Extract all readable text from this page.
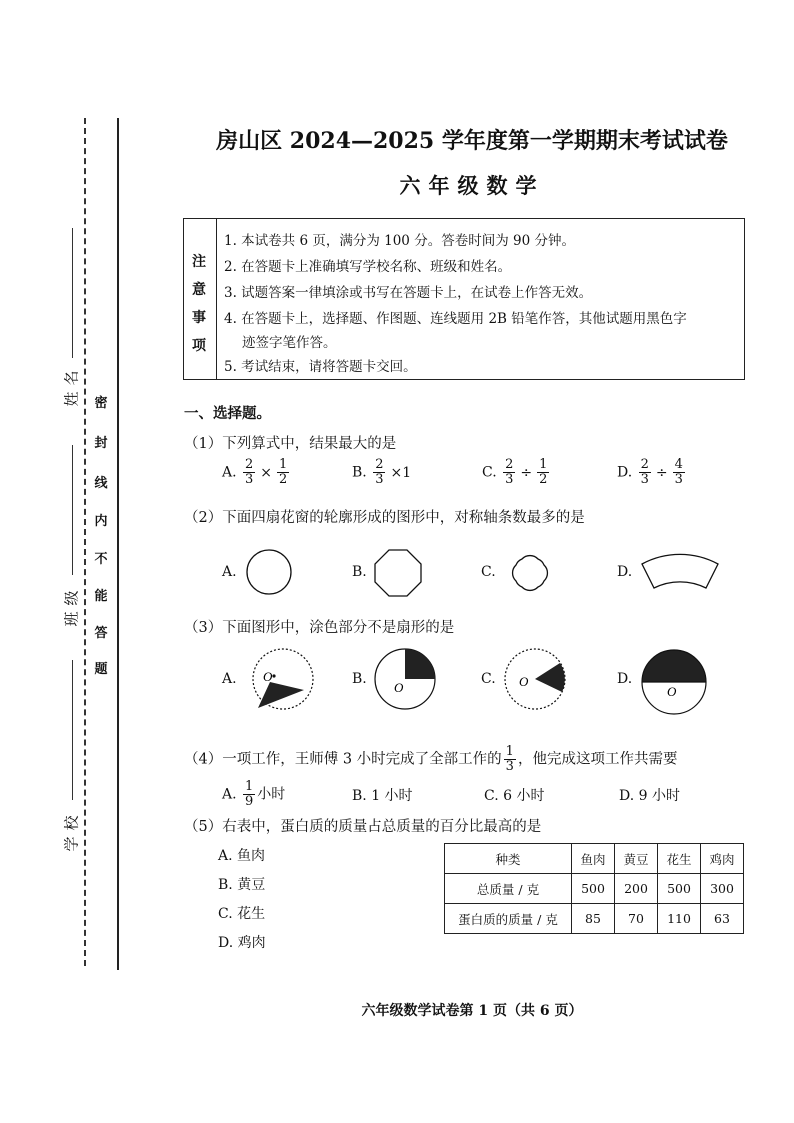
姓名
班级
学校
密
封
线
内
不
能
答
题
房山区 2024—2025 学年度第一学期期末考试试卷
六年级数学
注
意
事
项
1. 本试卷共 6 页，满分为 100 分。答卷时间为 90 分钟。
2. 在答题卡上准确填写学校名称、班级和姓名。
3. 试题答案一律填涂或书写在答题卡上，在试卷上作答无效。
4. 在答题卡上，选择题、作图题、连线题用 2B 铅笔作答，其他试题用黑色字
迹签字笔作答。
5. 考试结束，请将答题卡交回。
一、选择题。
（1）下列算式中，结果最大的是
A. $\frac{2}{3} \times \frac{1}{2}$	B. $\frac{2}{3} \times 1$	C. $\frac{2}{3} \div \frac{1}{2}$	D. $\frac{2}{3} \div \frac{4}{3}$
（2）下面四扇花窗的轮廓形成的图形中，对称轴条数最多的是
A.	B.	C.	D.
（3）下面图形中，涂色部分不是扇形的是
A. O	B.
O
C. O	D.
O
（4）一项工作，王师傅 3 小时完成了全部工作的 $\frac{1}{3}$ ，他完成这项工作共需要
A. $\frac{1}{9}$ 小时	B. 1 小时	C. 6 小时	D. 9 小时
（5）右表中，蛋白质的质量占总质量的百分比最高的是
A. 鱼肉
B. 黄豆
C. 花生
D. 鸡肉
种类	鱼肉	黄豆	花生	鸡肉
总质量 / 克	500	200	500	300
蛋白质的质量 / 克	85	70	110	63
六年级数学试卷第 1 页（共 6 页）
